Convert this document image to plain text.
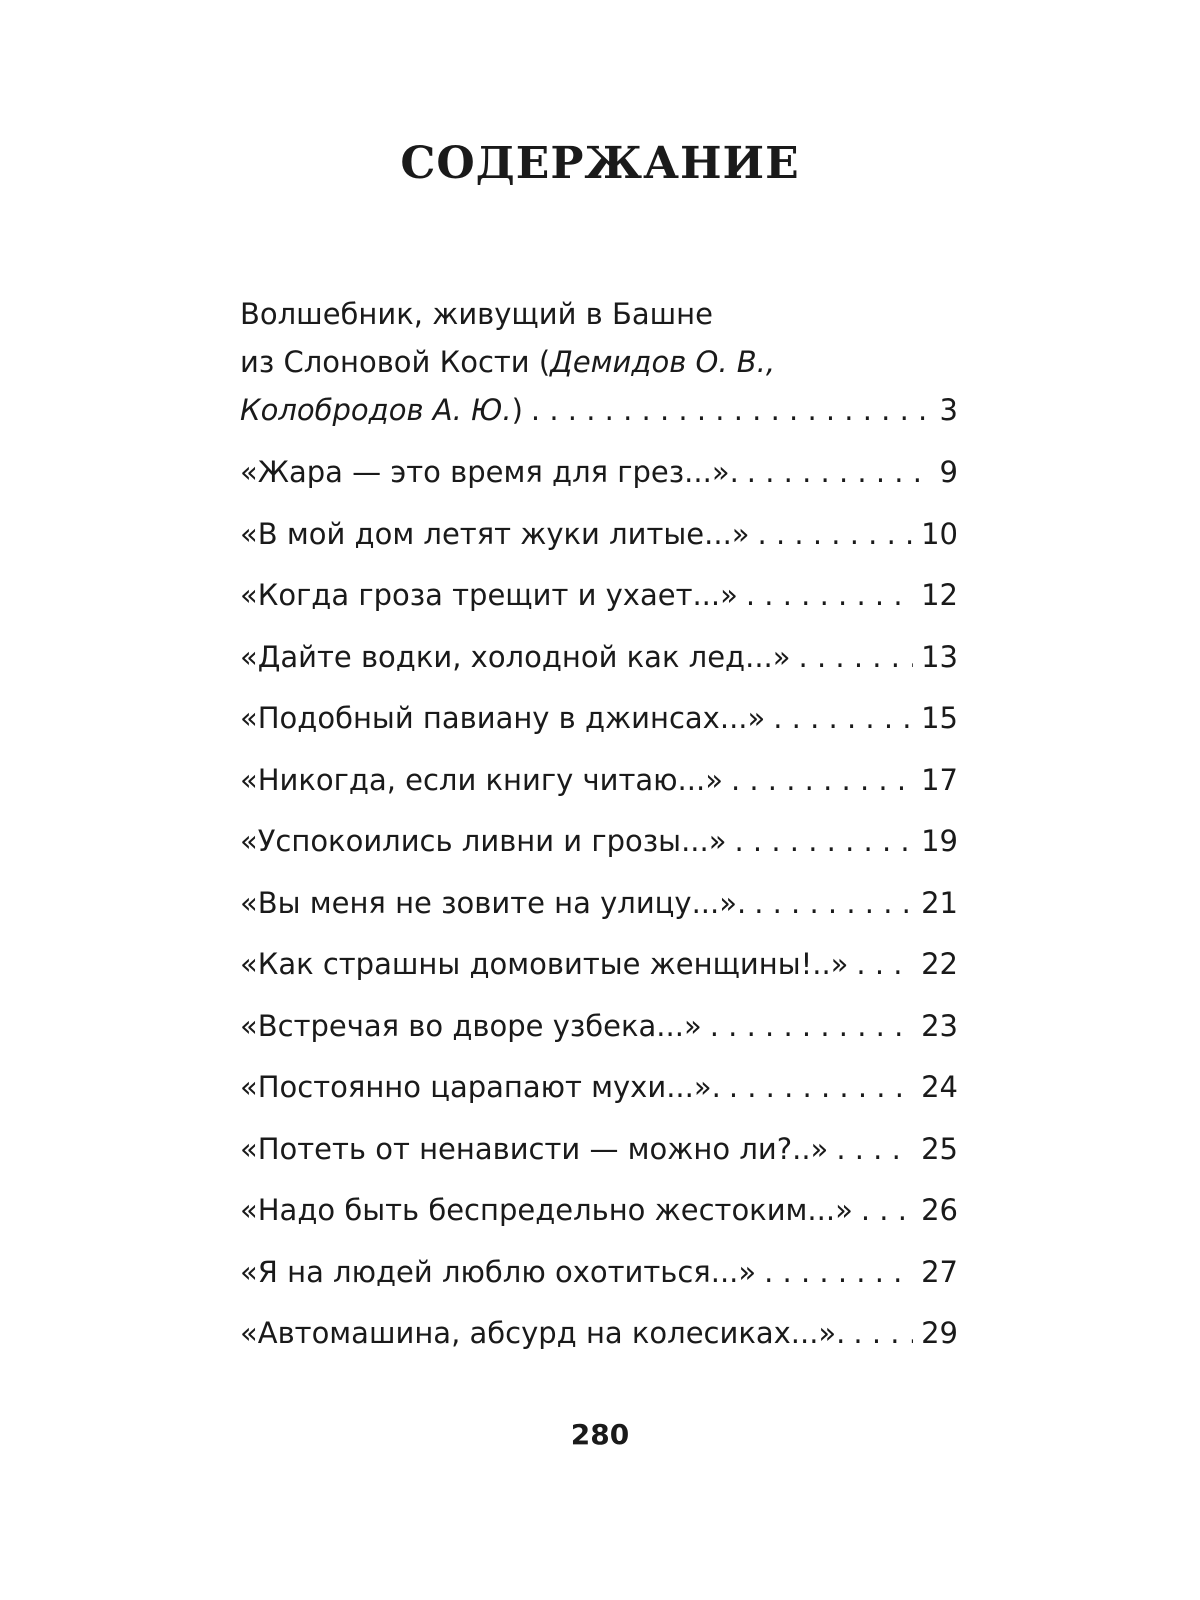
СОДЕРЖАНИЕ
Волшебник, живущий в Башне
из Слоновой Кости (Демидов О. В.,
Колобродов А. Ю.) . . .	3
«Жара — это время для грез...». . . .	9
«В мой дом летят жуки литые...» . . .	10
«Когда гроза трещит и ухает...» . . .	12
«Дайте водки, холодной как лед...» . . .	13
«Подобный павиану в джинсах...» . . .	15
«Никогда, если книгу читаю...» . . .	17
«Успокоились ливни и грозы...» . . .	19
«Вы меня не зовите на улицу...». . . .	21
«Как страшны домовитые женщины!..» . . .	22
«Встречая во дворе узбека...» . . .	23
«Постоянно царапают мухи...». . . .	24
«Потеть от ненависти — можно ли?..» . . .	25
«Надо быть беспредельно жестоким...» . . . 26
«Я на людей люблю охотиться...» . . .	27
«Автомашина, абсурд на колесиках...». . . .	29
280
